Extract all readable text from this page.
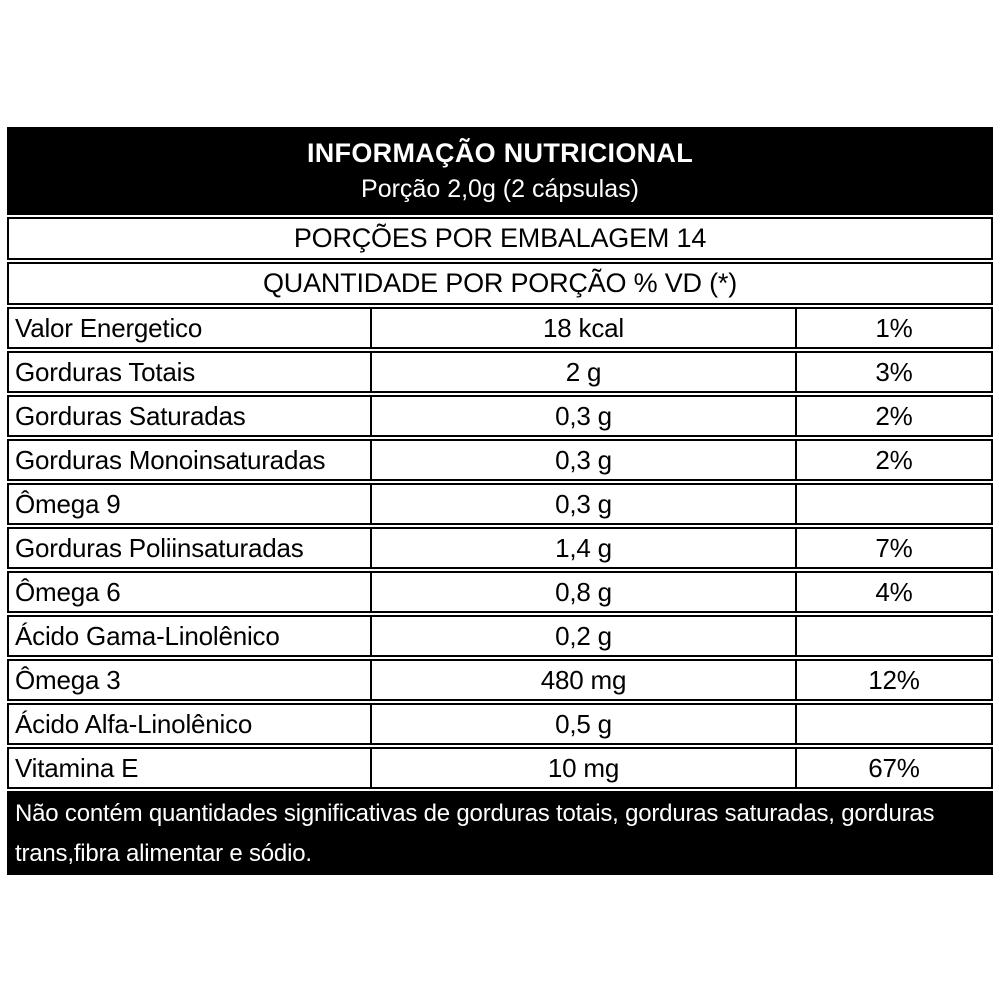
INFORMAÇÃO NUTRICIONAL
Porção 2,0g (2 cápsulas)
PORÇÕES POR EMBALAGEM 14
QUANTIDADE POR PORÇÃO % VD (*)
Valor Energetico	18 kcal	1%
Gorduras Totais	2 g	3%
Gorduras Saturadas	0,3 g	2%
Gorduras Monoinsaturadas	0,3 g	2%
Ômega 9	0,3 g
Gorduras Poliinsaturadas	1,4 g	7%
Ômega 6	0,8 g	4%
Ácido Gama-Linolênico	0,2 g
Ômega 3	480 mg	12%
Ácido Alfa-Linolênico	0,5 g
Vitamina E	10 mg	67%
Não contém quantidades significativas de gorduras totais, gorduras saturadas, gorduras trans,fibra alimentar e sódio.
